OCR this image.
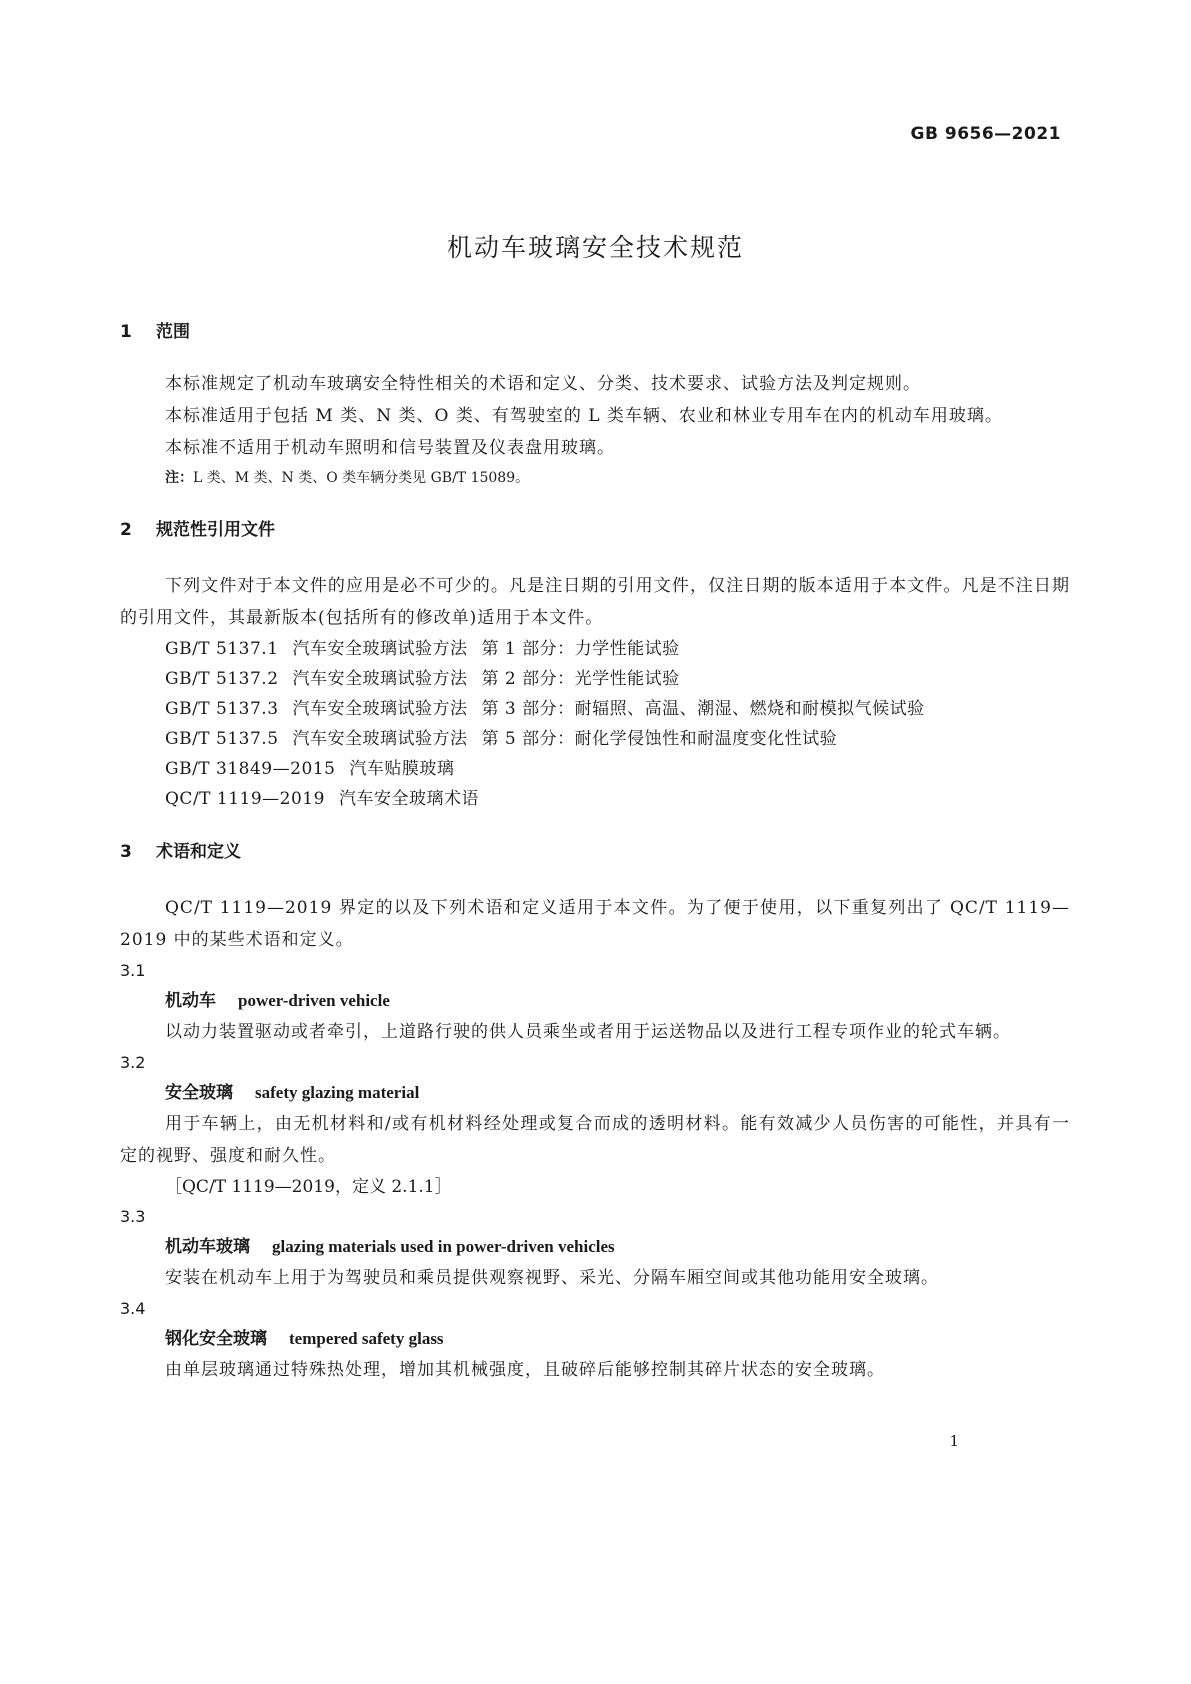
GB 9656—2021
机动车玻璃安全技术规范
1 范围

本标准规定了机动车玻璃安全特性相关的术语和定义、分类、技术要求、试验方法及判定规则。

本标准适用于包括 M 类、N 类、O 类、有驾驶室的 L 类车辆、农业和林业专用车在内的机动车用玻璃。

本标准不适用于机动车照明和信号装置及仪表盘用玻璃。

注：L 类、M 类、N 类、O 类车辆分类见 GB/T 15089。

2 规范性引用文件

下列文件对于本文件的应用是必不可少的。凡是注日期的引用文件，仅注日期的版本适用于本文件。凡是不注日期的引用文件，其最新版本(包括所有的修改单)适用于本文件。

GB/T 5137.1 汽车安全玻璃试验方法 第 1 部分：力学性能试验

GB/T 5137.2 汽车安全玻璃试验方法 第 2 部分：光学性能试验

GB/T 5137.3 汽车安全玻璃试验方法 第 3 部分：耐辐照、高温、潮湿、燃烧和耐模拟气候试验

GB/T 5137.5 汽车安全玻璃试验方法 第 5 部分：耐化学侵蚀性和耐温度变化性试验

GB/T 31849—2015 汽车贴膜玻璃

QC/T 1119—2019 汽车安全玻璃术语

3 术语和定义

QC/T 1119—2019 界定的以及下列术语和定义适用于本文件。为了便于使用，以下重复列出了 QC/T 1119—2019 中的某些术语和定义。

3.1

机动车 power-driven vehicle

以动力装置驱动或者牵引，上道路行驶的供人员乘坐或者用于运送物品以及进行工程专项作业的轮式车辆。

3.2

安全玻璃 safety glazing material

用于车辆上，由无机材料和/或有机材料经处理或复合而成的透明材料。能有效减少人员伤害的可能性，并具有一定的视野、强度和耐久性。

［QC/T 1119—2019，定义 2.1.1］

3.3

机动车玻璃 glazing materials used in power-driven vehicles

安装在机动车上用于为驾驶员和乘员提供观察视野、采光、分隔车厢空间或其他功能用安全玻璃。

3.4

钢化安全玻璃 tempered safety glass

由单层玻璃通过特殊热处理，增加其机械强度，且破碎后能够控制其碎片状态的安全玻璃。

1
